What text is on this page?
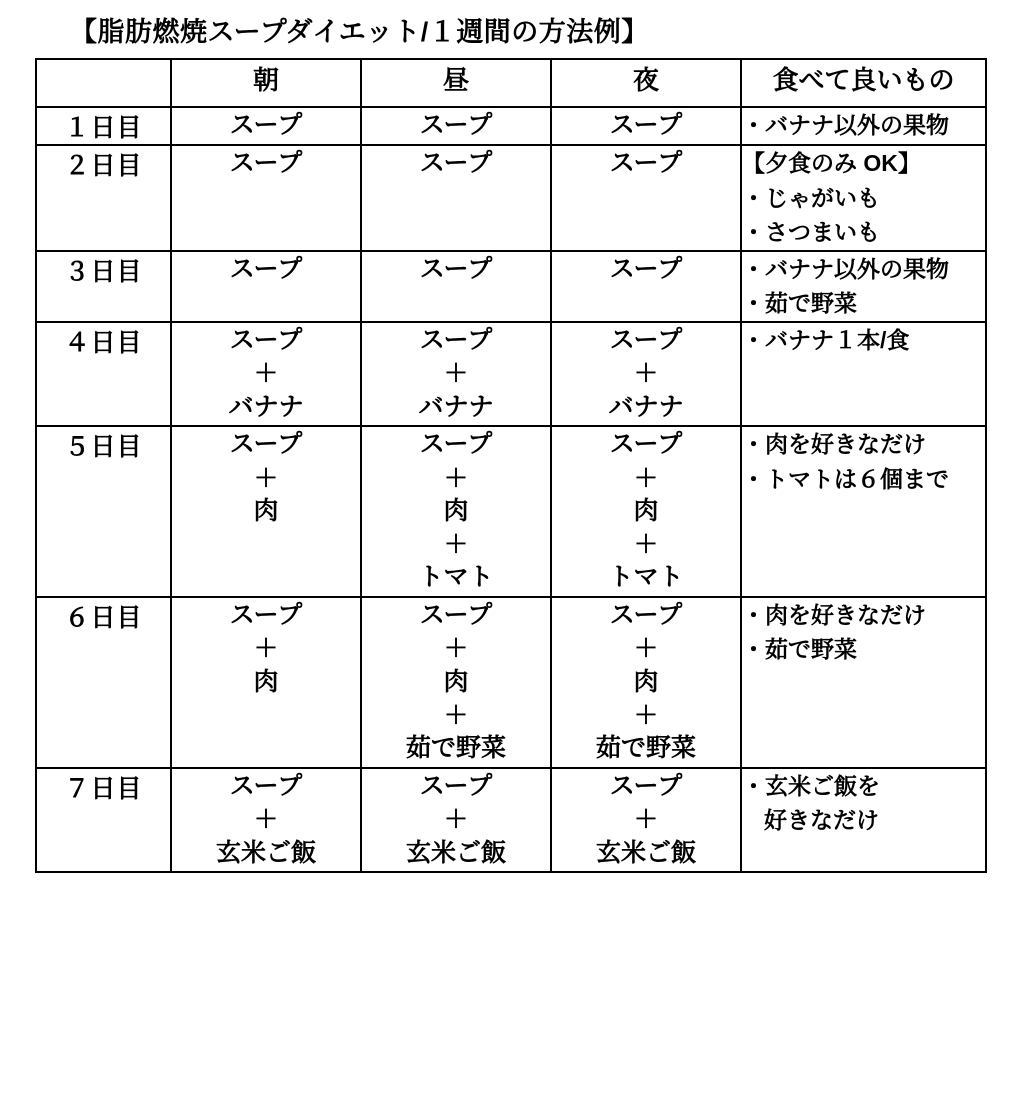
【脂肪燃焼スープダイエット/１週間の方法例】
	朝	昼	夜	食べて良いもの
１日目	スープ	スープ	スープ	・バナナ以外の果物

２日目	スープ	スープ	スープ	【夕食のみ OK】
・じゃがいも
・さつまいも

３日目	スープ	スープ	スープ	・バナナ以外の果物
・茹で野菜

４日目	スープ
＋
バナナ	スープ
＋
バナナ	スープ
＋
バナナ	・バナナ１本/食

５日目	スープ
＋
肉	スープ
＋
肉
＋
トマト	スープ
＋
肉
＋
トマト	・肉を好きなだけ
・トマトは６個まで

６日目	スープ
＋
肉	スープ
＋
肉
＋
茹で野菜	スープ
＋
肉
＋
茹で野菜	・肉を好きなだけ
・茹で野菜

７日目	スープ
＋
玄米ご飯	スープ
＋
玄米ご飯	スープ
＋
玄米ご飯	・玄米ご飯を
好きなだけ
